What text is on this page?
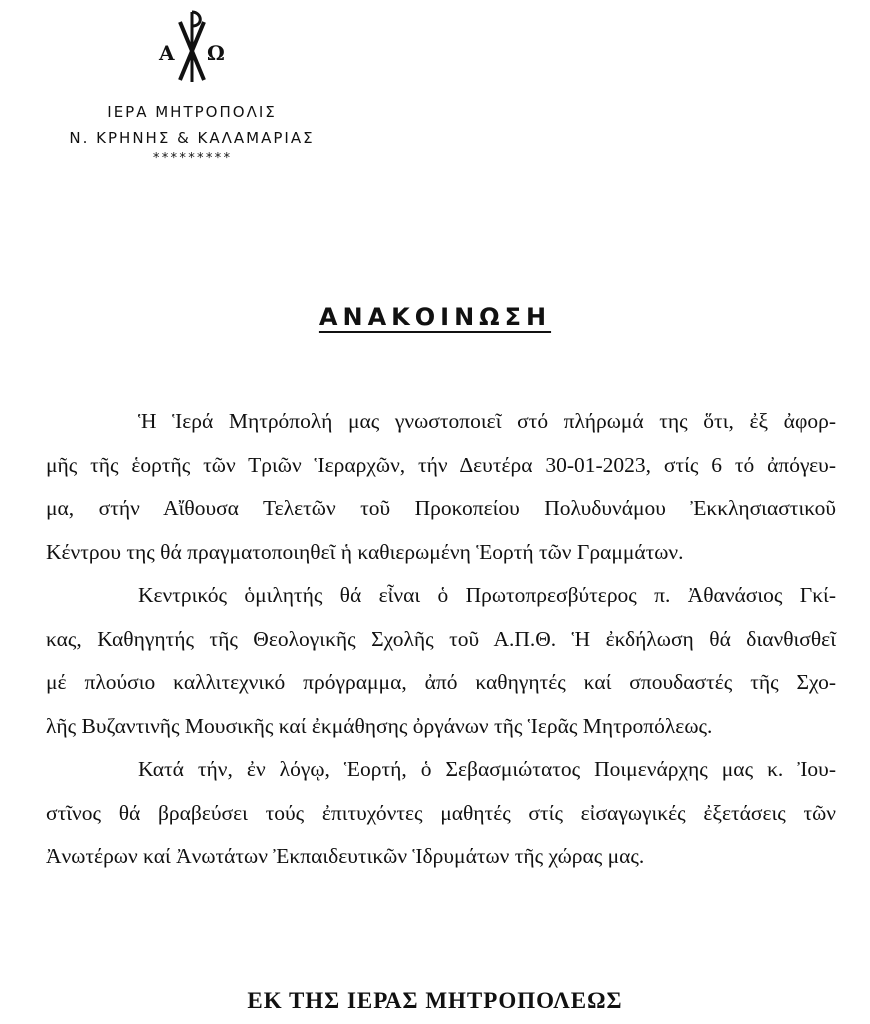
Α Ω
ΙΕΡΑ ΜΗΤΡΟΠΟΛΙΣ
Ν. ΚΡΗΝΗΣ & ΚΑΛΑΜΑΡΙΑΣ
*********
ΑΝΑΚΟΙΝΩΣΗ
Ἡ Ἱερά Μητρόπολή μας γνωστοποιεῖ στό πλήρωμά της ὅτι, ἐξ ἀφορ-
μῆς τῆς ἑορτῆς τῶν Τριῶν Ἱεραρχῶν, τήν Δευτέρα 30-01-2023, στίς 6 τό ἀπόγευ-
μα, στήν Αἴθουσα Τελετῶν τοῦ Προκοπείου Πολυδυνάμου Ἐκκλησιαστικοῦ
Κέντρου της θά πραγματοποιηθεῖ ἡ καθιερωμένη Ἑορτή τῶν Γραμμάτων.
Κεντρικός ὁμιλητής θά εἶναι ὁ Πρωτοπρεσβύτερος π. Ἀθανάσιος Γκί-
κας, Καθηγητής τῆς Θεολογικῆς Σχολῆς τοῦ Α.Π.Θ. Ἡ ἐκδήλωση θά διανθισθεῖ
μέ πλούσιο καλλιτεχνικό πρόγραμμα, ἀπό καθηγητές καί σπουδαστές τῆς Σχο-
λῆς Βυζαντινῆς Μουσικῆς καί ἐκμάθησης ὀργάνων τῆς Ἱερᾶς Μητροπόλεως.
Κατά τήν, ἐν λόγῳ, Ἑορτή, ὁ Σεβασμιώτατος Ποιμενάρχης μας κ. Ἰου-
στῖνος θά βραβεύσει τούς ἐπιτυχόντες μαθητές στίς εἰσαγωγικές ἐξετάσεις τῶν
Ἀνωτέρων καί Ἀνωτάτων Ἐκπαιδευτικῶν Ἱδρυμάτων τῆς χώρας μας.
ΕΚ ΤΗΣ ΙΕΡΑΣ ΜΗΤΡΟΠΟΛΕΩΣ
